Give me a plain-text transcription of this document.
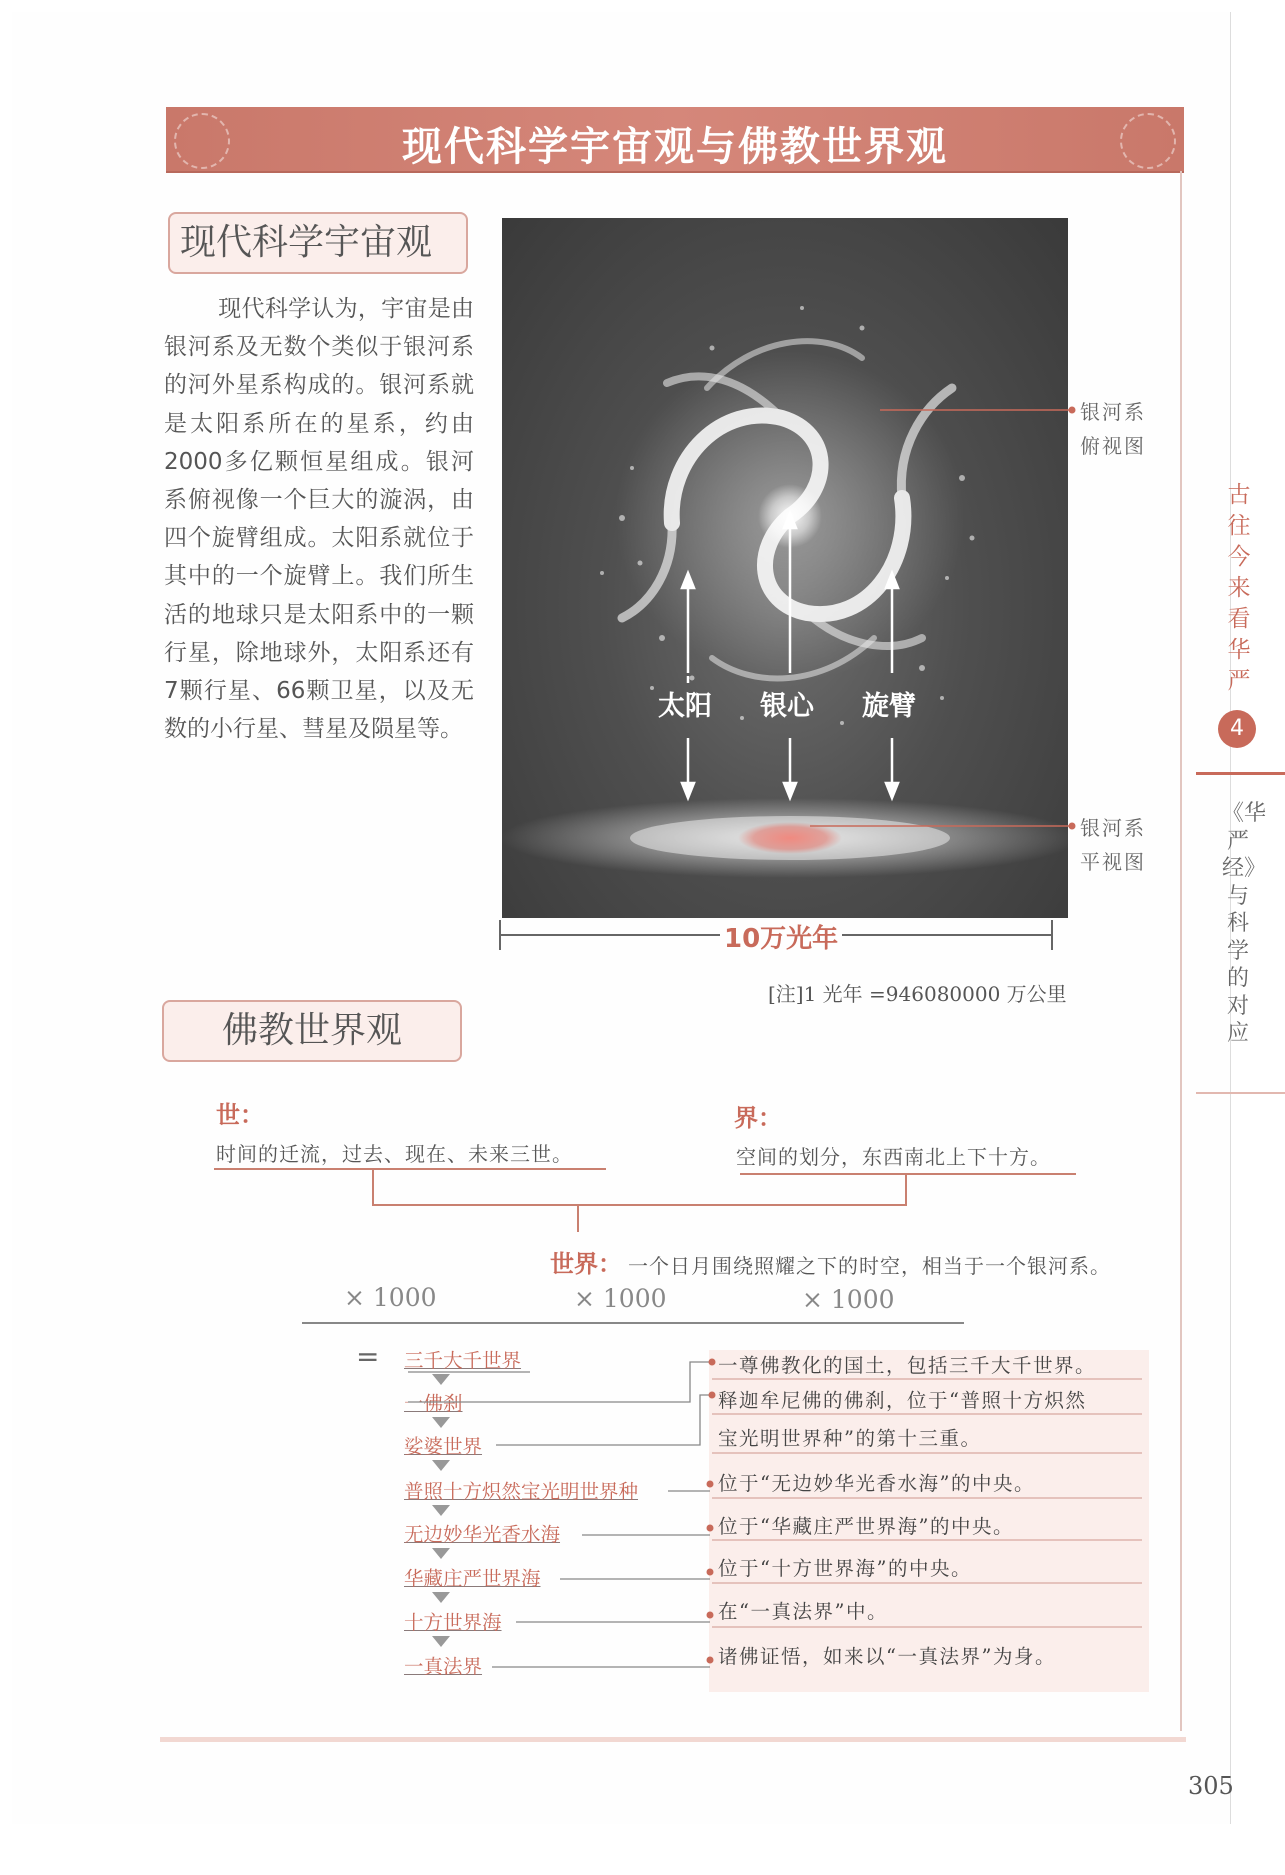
现代科学宇宙观与佛教世界观
现代科学宇宙观
现代科学认为，宇宙是由银河系及无数个类似于银河系的河外星系构成的。银河系就是太阳系所在的星系，约由2000多亿颗恒星组成。银河系俯视像一个巨大的漩涡，由四个旋臂组成。太阳系就位于其中的一个旋臂上。我们所生活的地球只是太阳系中的一颗行星，除地球外，太阳系还有7颗行星、66颗卫星，以及无数的小行星、彗星及陨星等。
太阳 银心 旋臂
银河系
俯视图
银河系
平视图
10万光年
[注]1 光年 =946080000 万公里
古往今来看华严
4
《华严经》与科学的对应
佛教世界观
世：
时间的迁流，过去、现在、未来三世。
界：
空间的划分，东西南北上下十方。
世界： 一个日月围绕照耀之下的时空，相当于一个银河系。
× 1000	× 1000	× 1000
= 三千大千世界
一佛刹
娑婆世界
普照十方炽然宝光明世界种
无边妙华光香水海
华藏庄严世界海
十方世界海
一真法界
一尊佛教化的国土，包括三千大千世界。
释迦牟尼佛的佛刹，位于“普照十方炽然
宝光明世界种”的第十三重。
位于“无边妙华光香水海”的中央。
位于“华藏庄严世界海”的中央。
位于“十方世界海”的中央。
在“一真法界”中。
诸佛证悟，如来以“一真法界”为身。
305
